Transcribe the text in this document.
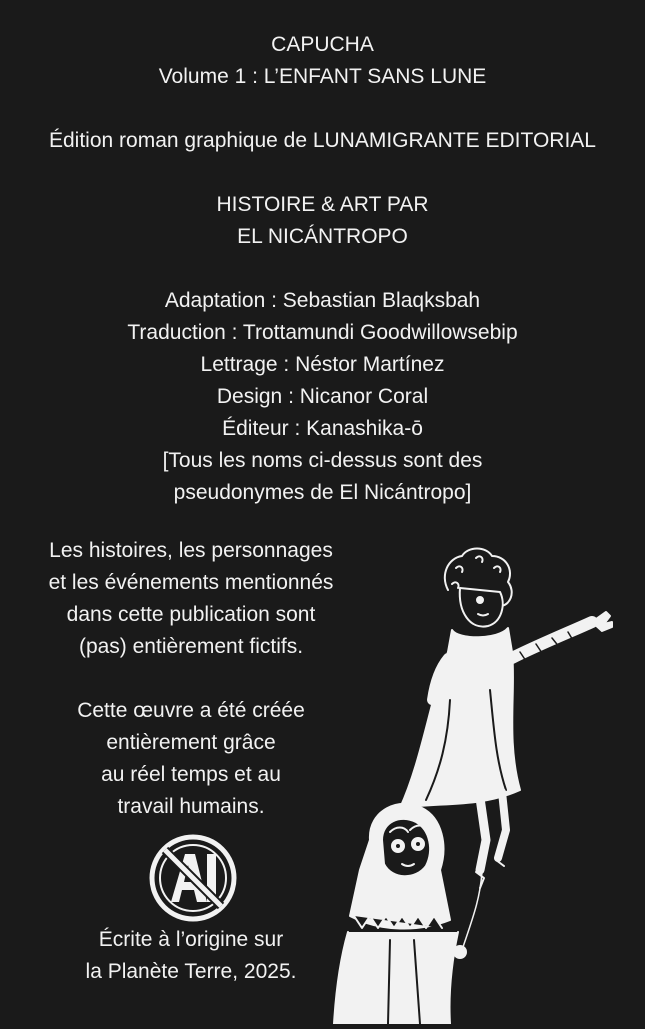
CAPUCHA
Volume 1 : L’ENFANT SANS LUNE
Édition roman graphique de LUNAMIGRANTE EDITORIAL
HISTOIRE & ART PAR
EL NICÁNTROPO
Adaptation : Sebastian Blaqksbah
Traduction : Trottamundi Goodwillowsebip
Lettrage : Néstor Martínez
Design : Nicanor Coral
Éditeur : Kanashika-ō
[Tous les noms ci-dessus sont des
pseudonymes de El Nicántropo]
Les histoires, les personnages
et les événements mentionnés
dans cette publication sont
(pas) entièrement fictifs.
Cette œuvre a été créée
entièrement grâce
au réel temps et au
travail humains.
Écrite à l’origine sur
la Planète Terre, 2025.
